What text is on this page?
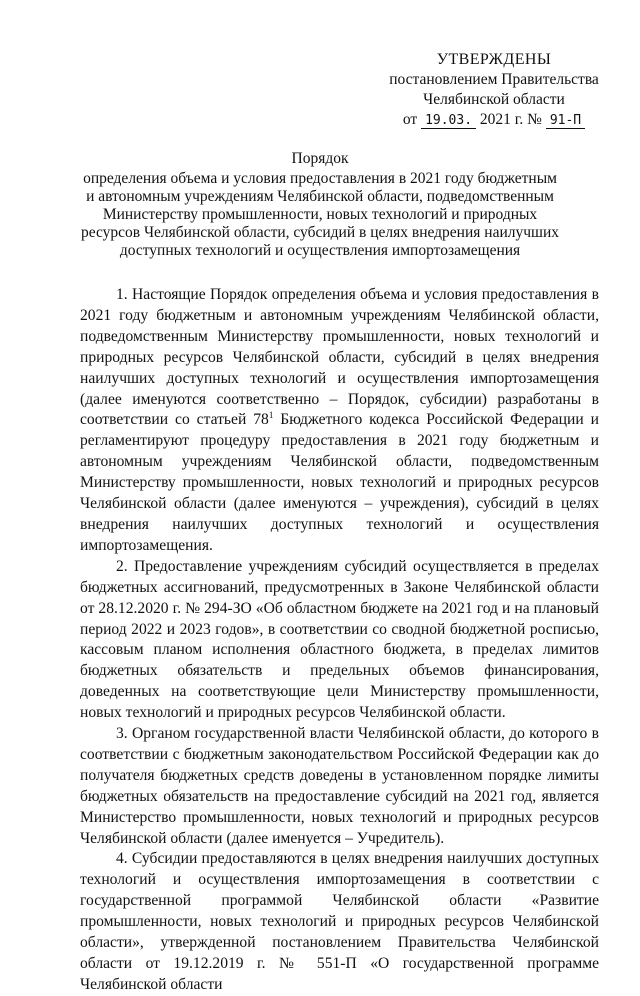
УТВЕРЖДЕНЫ
постановлением Правительства
Челябинской области
от 19.03. 2021 г. № 91-П
Порядок
определения объема и условия предоставления в 2021 году бюджетным и автономным учреждениям Челябинской области, подведомственным Министерству промышленности, новых технологий и природных ресурсов Челябинской области, субсидий в целях внедрения наилучших доступных технологий и осуществления импортозамещения

1. Настоящие Порядок определения объема и условия предоставления в 2021 году бюджетным и автономным учреждениям Челябинской области, подведомственным Министерству промышленности, новых технологий и природных ресурсов Челябинской области, субсидий в целях внедрения наилучших доступных технологий и осуществления импортозамещения (далее именуются соответственно – Порядок, субсидии) разработаны в соответствии со статьей $78^1$ Бюджетного кодекса Российской Федерации и регламентируют процедуру предоставления в 2021 году бюджетным и автономным учреждениям Челябинской области, подведомственным Министерству промышленности, новых технологий и природных ресурсов Челябинской области (далее именуются – учреждения), субсидий в целях внедрения наилучших доступных технологий и осуществления импортозамещения.

2. Предоставление учреждениям субсидий осуществляется в пределах бюджетных ассигнований, предусмотренных в Законе Челябинской области от 28.12.2020 г. № 294-ЗО «Об областном бюджете на 2021 год и на плановый период 2022 и 2023 годов», в соответствии со сводной бюджетной росписью, кассовым планом исполнения областного бюджета, в пределах лимитов бюджетных обязательств и предельных объемов финансирования, доведенных на соответствующие цели Министерству промышленности, новых технологий и природных ресурсов Челябинской области.

3. Органом государственной власти Челябинской области, до которого в соответствии с бюджетным законодательством Российской Федерации как до получателя бюджетных средств доведены в установленном порядке лимиты бюджетных обязательств на предоставление субсидий на 2021 год, является Министерство промышленности, новых технологий и природных ресурсов Челябинской области (далее именуется – Учредитель).

4. Субсидии предоставляются в целях внедрения наилучших доступных технологий и осуществления импортозамещения в соответствии с государственной программой Челябинской области «Развитие промышленности, новых технологий и природных ресурсов Челябинской области», утвержденной постановлением Правительства Челябинской области от 19.12.2019 г. № 551-П «О государственной программе Челябинской области
